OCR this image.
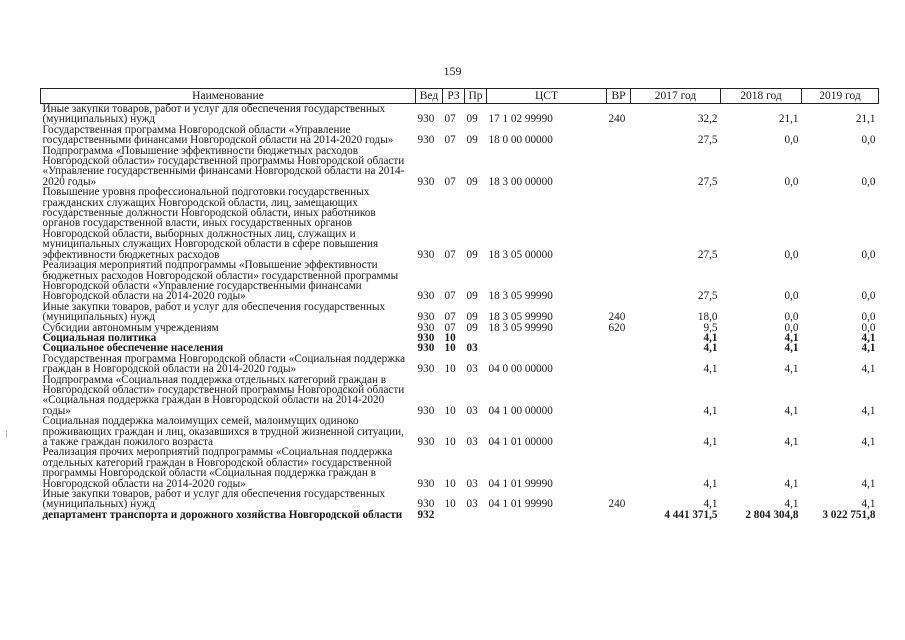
159
Наименование	Вед	РЗ	Пр	ЦСТ	ВР	2017 год	2018 год	2019 год
Иные закупки товаров, работ и услуг для обеспечения государственных (муниципальных) нужд	930	07	09	17 1 02 99990	240	32,2	21,1	21,1
Государственная программа Новгородской области «Управление государственными финансами Новгородской области на 2014-2020 годы»	930	07	09	18 0 00 00000		27,5	0,0	0,0
Подпрограмма «Повышение эффективности бюджетных расходов Новгородской области» государственной программы Новгородской области «Управление государственными финансами Новгородской области на 2014-2020 годы»	930	07	09	18 3 00 00000		27,5	0,0	0,0
Повышение уровня профессиональной подготовки государственных гражданских служащих Новгородской области, лиц, замещающих государственные должности Новгородской области, иных работников органов государственной власти, иных государственных органов Новгородской области, выборных должностных лиц, служащих и муниципальных служащих Новгородской области в сфере повышения эффективности бюджетных расходов	930	07	09	18 3 05 00000		27,5	0,0	0,0
Реализация мероприятий подпрограммы «Повышение эффективности бюджетных расходов Новгородской области» государственной программы Новгородской области «Управление государственными финансами Новгородской области на 2014-2020 годы»	930	07	09	18 3 05 99990		27,5	0,0	0,0
Иные закупки товаров, работ и услуг для обеспечения государственных (муниципальных) нужд	930	07	09	18 3 05 99990	240	18,0	0,0	0,0
Субсидии автономным учреждениям	930	07	09	18 3 05 99990	620	9,5	0,0	0,0
Социальная политика	930	10				4,1	4,1	4,1
Социальное обеспечение населения	930	10	03			4,1	4,1	4,1
Государственная программа Новгородской области «Социальная поддержка граждан в Новгородской области на 2014-2020 годы»	930	10	03	04 0 00 00000		4,1	4,1	4,1
Подпрограмма «Социальная поддержка отдельных категорий граждан в Новгородской области» государственной программы Новгородской области «Социальная поддержка граждан в Новгородской области на 2014-2020 годы»	930	10	03	04 1 00 00000		4,1	4,1	4,1
Социальная поддержка малоимущих семей, малоимущих одиноко проживающих граждан и лиц, оказавшихся в трудной жизненной ситуации, а также граждан пожилого возраста	930	10	03	04 1 01 00000		4,1	4,1	4,1
Реализация прочих мероприятий подпрограммы «Социальная поддержка отдельных категорий граждан в Новгородской области» государственной программы Новгородской области «Социальная поддержка граждан в Новгородской области на 2014-2020 годы»	930	10	03	04 1 01 99990		4,1	4,1	4,1
Иные закупки товаров, работ и услуг для обеспечения государственных (муниципальных) нужд	930	10	03	04 1 01 99990	240	4,1	4,1	4,1
департамент транспорта и дорожного хозяйства Новгородской области	932					4 441 371,5	2 804 304,8	3 022 751,8
